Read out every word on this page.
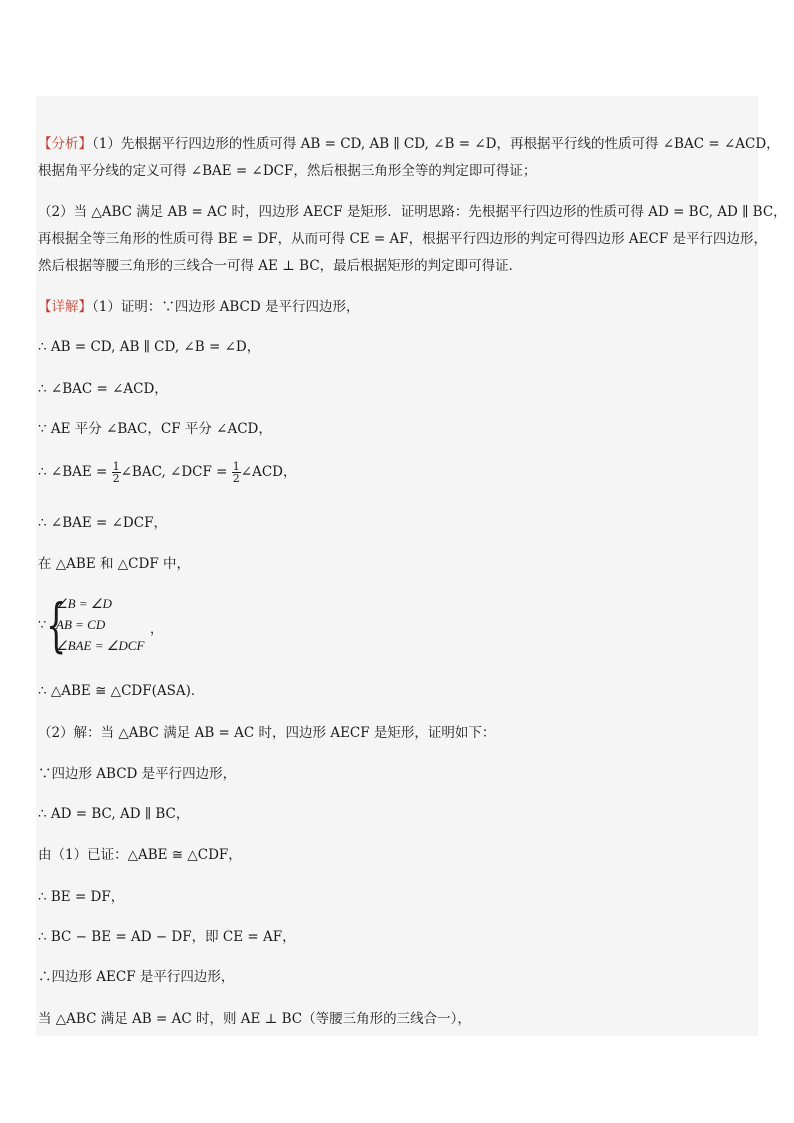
【分析】（1）先根据平行四边形的性质可得 AB = CD, AB ∥ CD, ∠B = ∠D，再根据平行线的性质可得 ∠BAC = ∠ACD，
根据角平分线的定义可得 ∠BAE = ∠DCF，然后根据三角形全等的判定即可得证；
（2）当 △ABC 满足 AB = AC 时，四边形 AECF 是矩形．证明思路：先根据平行四边形的性质可得 AD = BC, AD ∥ BC，
再根据全等三角形的性质可得 BE = DF，从而可得 CE = AF，根据平行四边形的判定可得四边形 AECF 是平行四边形，
然后根据等腰三角形的三线合一可得 AE ⊥ BC，最后根据矩形的判定即可得证．
【详解】（1）证明：∵四边形 ABCD 是平行四边形，
∴ AB = CD, AB ∥ CD, ∠B = ∠D，
∴ ∠BAC = ∠ACD，
∵ AE 平分 ∠BAC，CF 平分 ∠ACD，
∴ ∠BAE = $\frac{1}{2}$ ∠BAC, ∠DCF = $\frac{1}{2}$ ∠ACD，
∴ ∠BAE = ∠DCF，
在 △ABE 和 △CDF 中，
∵ {
∠B = ∠D
AB = CD
∠BAE = ∠DCF
，
∴ △ABE ≅ △CDF(ASA)．
（2）解：当 △ABC 满足 AB = AC 时，四边形 AECF 是矩形，证明如下：
∵四边形 ABCD 是平行四边形，
∴ AD = BC, AD ∥ BC，
由（1）已证：△ABE ≅ △CDF，
∴ BE = DF，
∴ BC − BE = AD − DF，即 CE = AF，
∴四边形 AECF 是平行四边形，
当 △ABC 满足 AB = AC 时，则 AE ⊥ BC（等腰三角形的三线合一），
